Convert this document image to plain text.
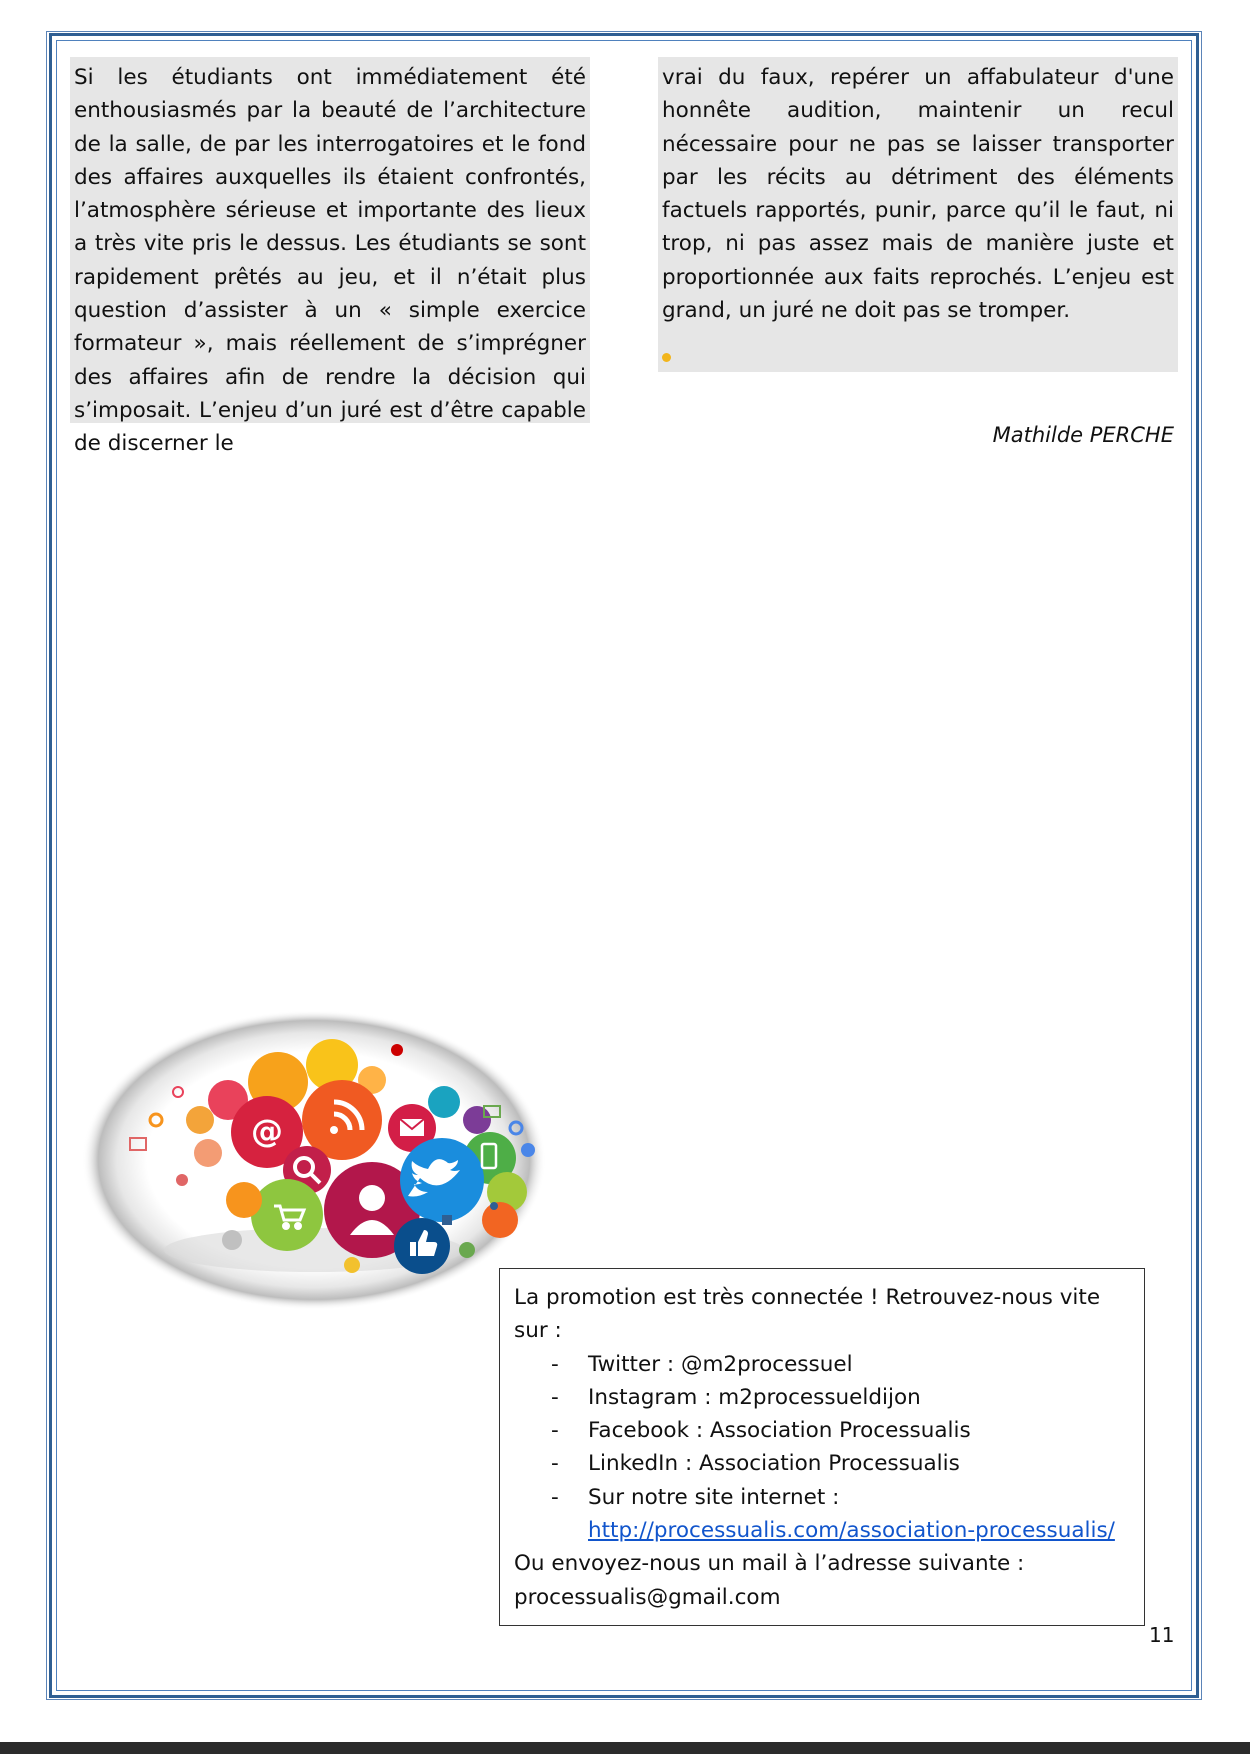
Si les étudiants ont immédiatement été enthousiasmés par la beauté de l’architecture de la salle, de par les interrogatoires et le fond des affaires auxquelles ils étaient confrontés, l’atmosphère sérieuse et importante des lieux a très vite pris le dessus. Les étudiants se sont rapidement prêtés au jeu, et il n’était plus question d’assister à un « simple exercice formateur », mais réellement de s’imprégner des affaires afin de rendre la décision qui s’imposait. L’enjeu d’un juré est d’être capable de discerner le
vrai du faux, repérer un affabulateur d'une honnête audition, maintenir un recul nécessaire pour ne pas se laisser transporter par les récits au détriment des éléments factuels rapportés, punir, parce qu’il le faut, ni trop, ni pas assez mais de manière juste et proportionnée aux faits reprochés. L’enjeu est grand, un juré ne doit pas se tromper.
Mathilde PERCHE
@
La promotion est très connectée ! Retrouvez-nous vite sur :
- Twitter : @m2processuel
- Instagram : m2processueldijon
- Facebook : Association Processualis
- LinkedIn : Association Processualis
- Sur notre site internet :
http://processualis.com/association-processualis/
Ou envoyez-nous un mail à l’adresse suivante :
processualis@gmail.com
11
